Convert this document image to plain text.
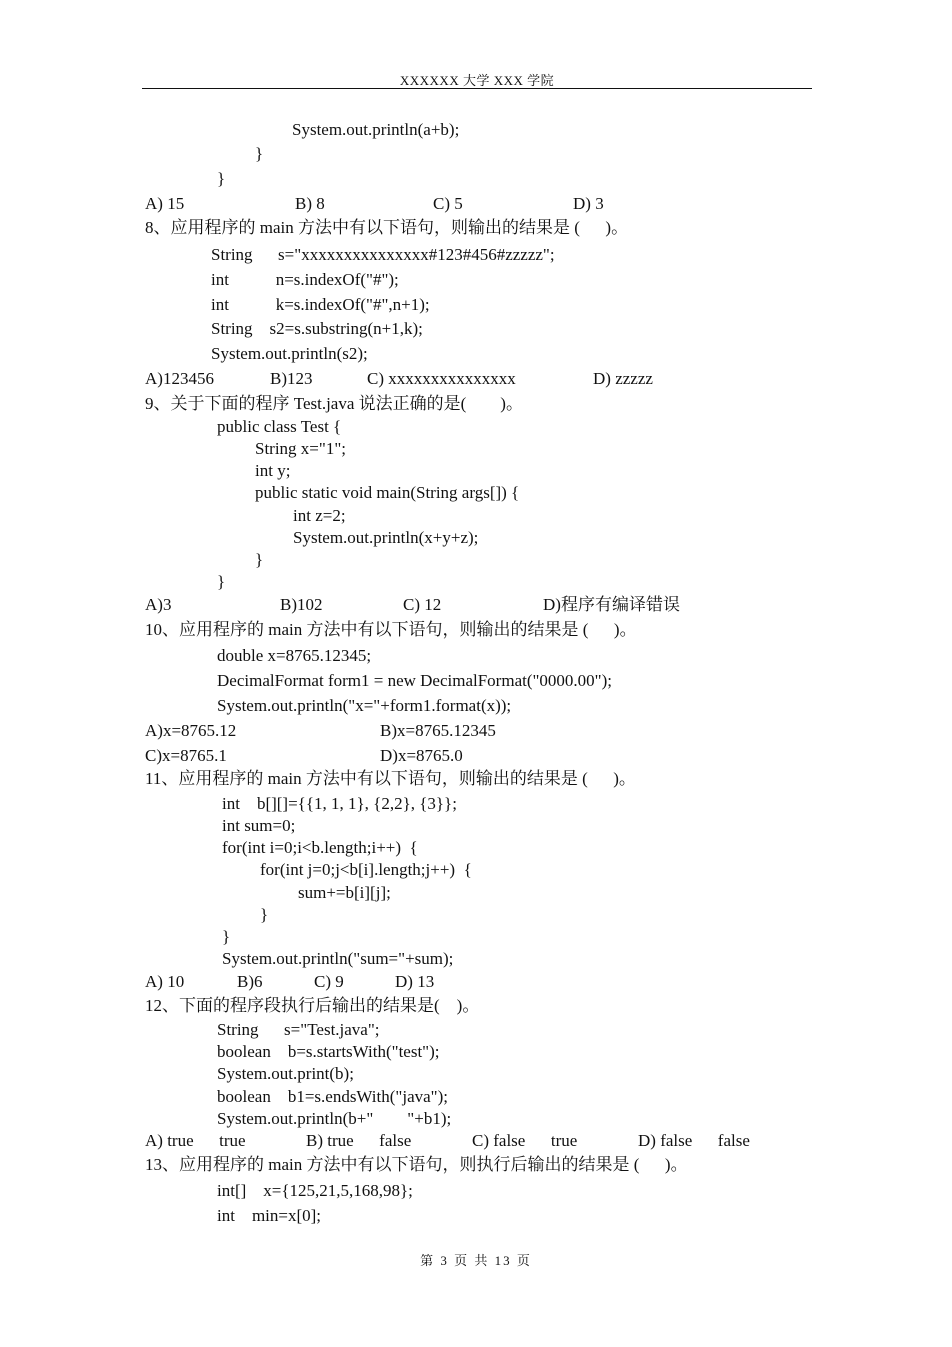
XXXXXX 大学 XXX 学院
System.out.println(a+b);
}
}
A) 15	B) 8	C) 5	D) 3
8、应用程序的 main 方法中有以下语句，则输出的结果是 (      )。
String      s="xxxxxxxxxxxxxxx#123#456#zzzzz";
int           n=s.indexOf("#");
int           k=s.indexOf("#",n+1);
String    s2=s.substring(n+1,k);
System.out.println(s2);
A)123456	B)123	C) xxxxxxxxxxxxxxx	D) zzzzz
9、关于下面的程序 Test.java 说法正确的是(        )。
public class Test {
String x="1";
int y;
public static void main(String args[]) {
int z=2;
System.out.println(x+y+z);
}
}
A)3	B)102	C) 12	D)程序有编译错误
10、应用程序的 main 方法中有以下语句，则输出的结果是 (      )。
double x=8765.12345;
DecimalFormat form1 = new DecimalFormat("0000.00");
System.out.println("x="+form1.format(x));
A)x=8765.12	B)x=8765.12345
C)x=8765.1	D)x=8765.0
11、应用程序的 main 方法中有以下语句，则输出的结果是 (      )。
int    b[][]={{1, 1, 1}, {2,2}, {3}};
int sum=0;
for(int i=0;i<b.length;i++)  {
for(int j=0;j<b[i].length;j++)  {
sum+=b[i][j];
}
}
System.out.println("sum="+sum);
A) 10	B)6	C) 9	D) 13
12、下面的程序段执行后输出的结果是(    )。
String      s="Test.java";
boolean    b=s.startsWith("test");
System.out.print(b);
boolean    b1=s.endsWith("java");
System.out.println(b+"        "+b1);
A) true      true	B) true      false	C) false      true	D) false      false
13、应用程序的 main 方法中有以下语句，则执行后输出的结果是 (      )。
int[]    x={125,21,5,168,98};
int    min=x[0];
第 3 页 共 13 页
